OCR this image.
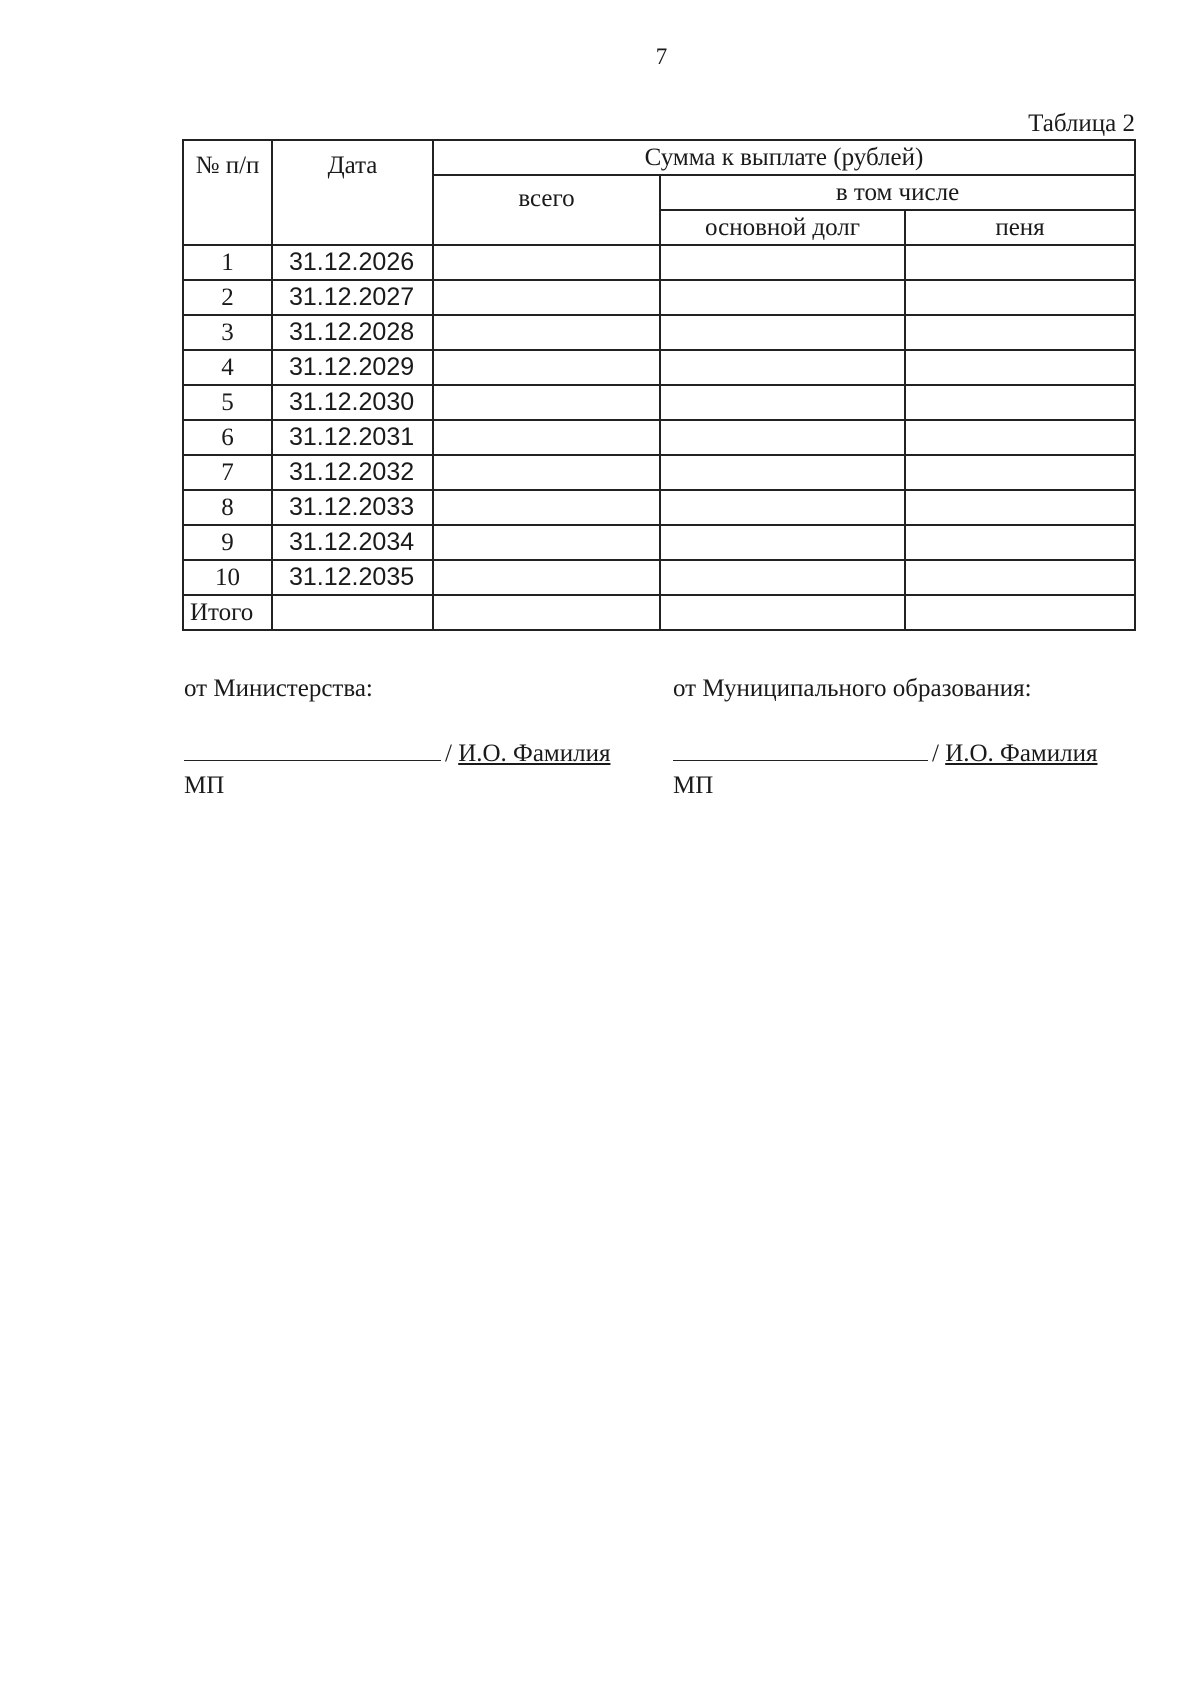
7
Таблица 2
№ п/п	Дата	Сумма к выплате (рублей)		
		всего	в том числе	
			основной долг	пеня
1	31.12.2026			
2	31.12.2027			
3	31.12.2028			
4	31.12.2029			
5	31.12.2030			
6	31.12.2031			
7	31.12.2032			
8	31.12.2033			
9	31.12.2034			
10	31.12.2035			
Итого				
от Министерства:	от Муниципального образования:
/ И.О. Фамилия	/ И.О. Фамилия
МП	МП
